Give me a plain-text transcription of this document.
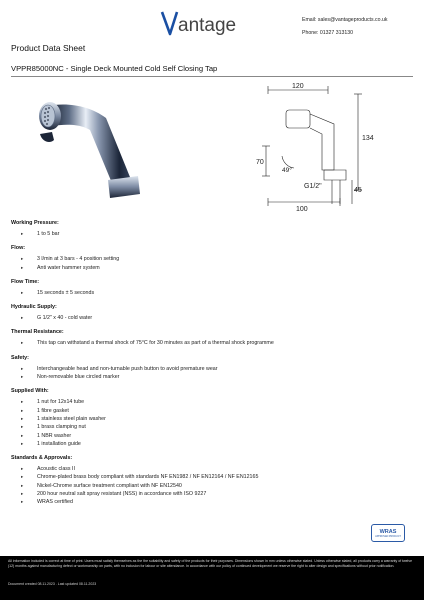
antage	Email: sales@vantageproducts.co.uk
Phone: 01327 313130
Product Data Sheet
VPPR85000NC - Single Deck Mounted Cold Self Closing Tap
120
134
70
49°
G1/2"
45
100
Working Pressure:
▸ 1 to 5 bar
Flow:
▸ 3 l/min at 3 bars - 4 position setting
▸ Anti water hammer system
Flow Time:
▸ 15 seconds ± 5 seconds
Hydraulic Supply:
▸ G 1/2" x 40 - cold water
Thermal Resistance:
▸ This tap can withstand a thermal shock of 75°C for 30 minutes as part of a thermal shock programme
Safety:
▸ Interchangeable head and non-turnable push button to avoid premature wear
▸ Non-removable blue circled marker
Supplied With:
▸ 1 nut for 12x14 tube
▸ 1 fibre gasket
▸ 1 stainless steel plain washer
▸ 1 brass clamping nut
▸ 1 NBR washer
▸ 1 installation guide
Standards & Approvals:
▸ Acoustic class II
▸ Chrome-plated brass body compliant with standards NF EN1982 / NF EN12164 / NF EN12165
▸ Nickel-Chrome surface treatment compliant with NF EN12540
▸ 200 hour neutral salt spray resistant (NSS) in accordance with ISO 9227
▸ WRAS certified
WRAS
APPROVED PRODUCT
All information included is correct at time of print. Users must satisfy themselves as the the suitability and safety of the products for their purposes. Dimensions shown in mm unless otherwise stated. Unless otherwise stated, all products carry a warranty of twelve (12) months against manufacturing defect or workmanship on parts, with no inclusion for labour or site attendance. In accordance with our policy of continued development we reserve the right to alter design and specifications without prior notification.
Document created 08.11.2023 . Last updated 08.11.2023
